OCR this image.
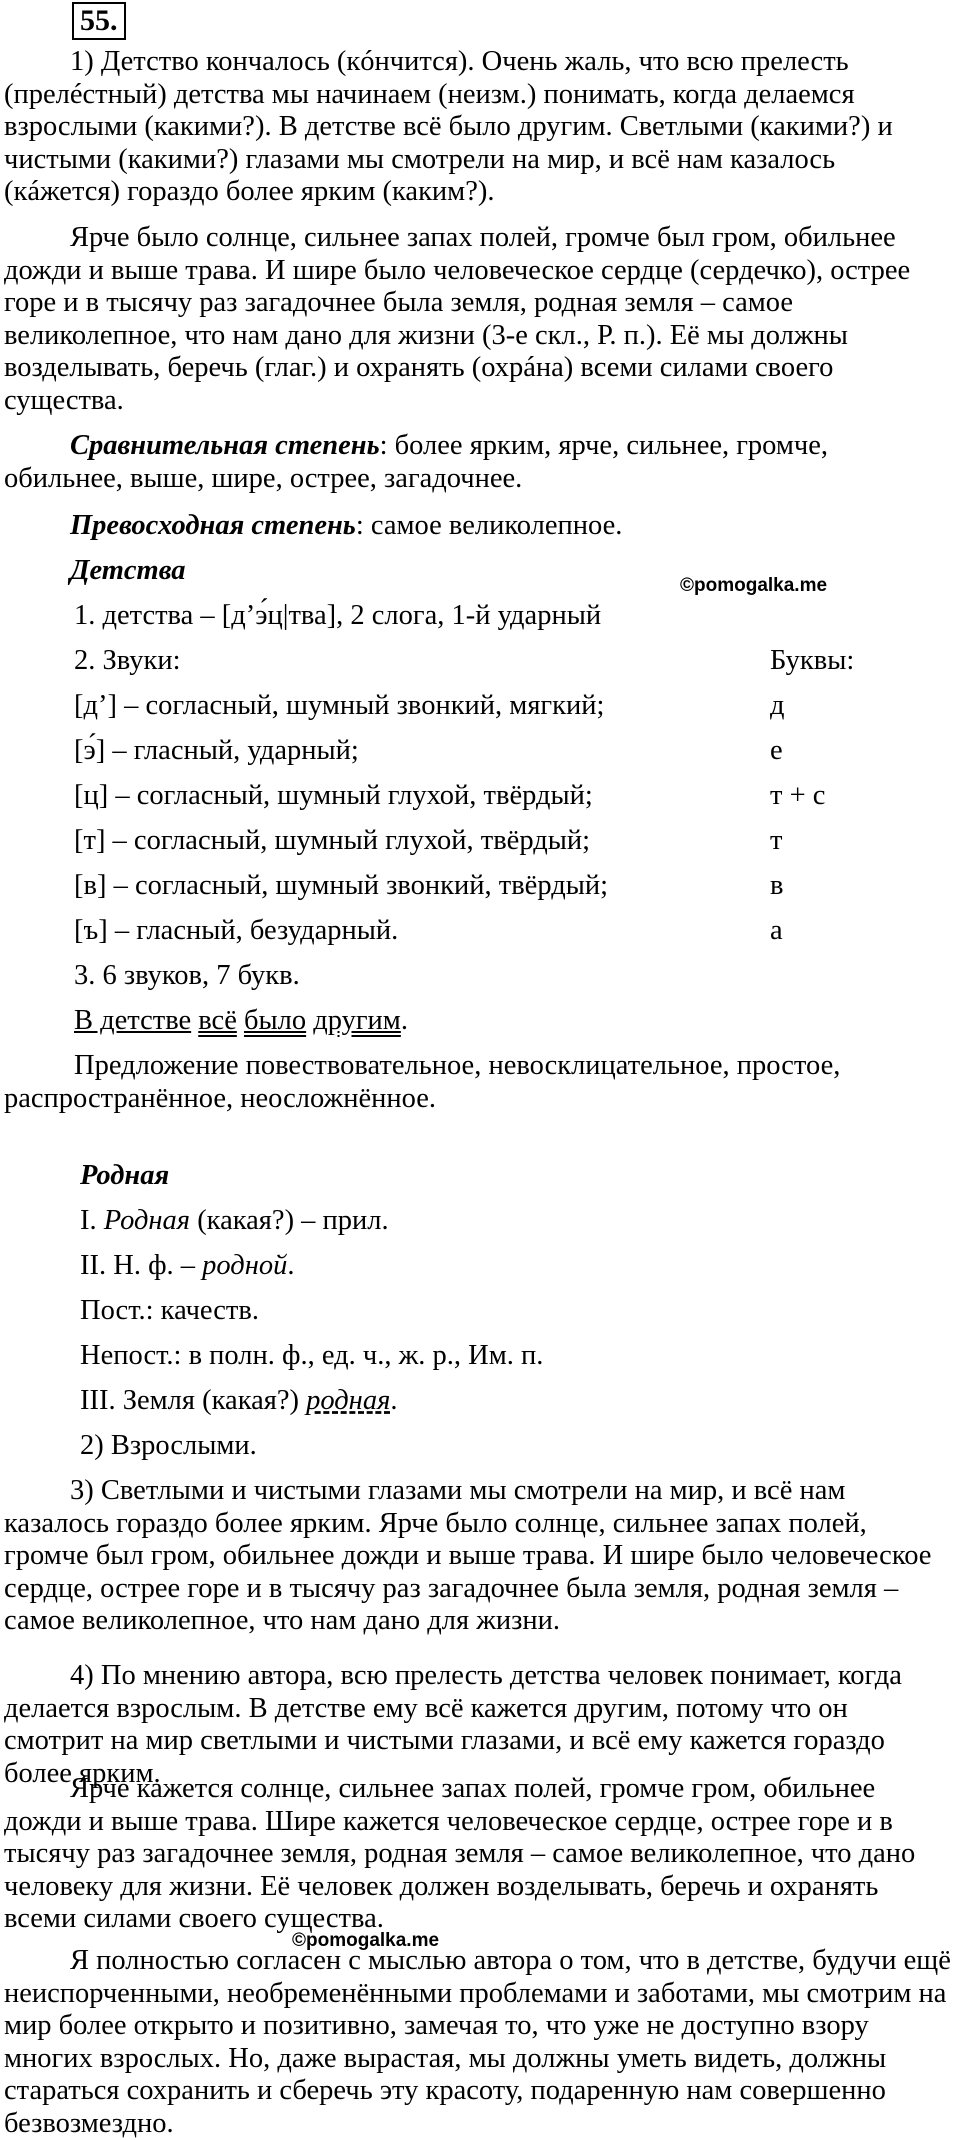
55.

1) Детство кончалось (кóнчится). Очень жаль, что всю прелесть (прелéстный) детства мы начинаем (неизм.) понимать, когда делаемся взрослыми (какими?). В детстве всё было другим. Светлыми (какими?) и чистыми (какими?) глазами мы смотрели на мир, и всё нам казалось (кáжется) гораздо более ярким (каким?).

Ярче было солнце, сильнее запах полей, громче был гром, обильнее дожди и выше трава. И шире было человеческое сердце (сердечко), острее горе и в тысячу раз загадочнее была земля, родная земля – самое великолепное, что нам дано для жизни (3-е скл., Р. п.). Её мы должны возделывать, беречь (глаг.) и охранять (охрáна) всеми силами своего существа.

Сравнительная степень: более ярким, ярче, сильнее, громче, обильнее, выше, шире, острее, загадочнее.

Превосходная степень: самое великолепное.

Детства	©pomogalka.me

1. детства – [д’э́ц|тва], 2 слога, 1-й ударный

2. Звуки:	Буквы:

[д’] – согласный, шумный звонкий, мягкий;	д

[э́] – гласный, ударный;	е

[ц] – согласный, шумный глухой, твёрдый;	т + с

[т] – согласный, шумный глухой, твёрдый;	т

[в] – согласный, шумный звонкий, твёрдый;	в

[ъ] – гласный, безударный.	а

3. 6 звуков, 7 букв.

В детстве всё было другим.

Предложение повествовательное, невосклицательное, простое, распространённое, неосложнённое.

Родная

I. Родная (какая?) – прил.

II. Н. ф. – родной.

Пост.: качеств.

Непост.: в полн. ф., ед. ч., ж. р., Им. п.

III. Земля (какая?) родная.

2) Взрослыми.

3) Светлыми и чистыми глазами мы смотрели на мир, и всё нам казалось гораздо более ярким. Ярче было солнце, сильнее запах полей, громче был гром, обильнее дожди и выше трава. И шире было человеческое сердце, острее горе и в тысячу раз загадочнее была земля, родная земля – самое великолепное, что нам дано для жизни.

4) По мнению автора, всю прелесть детства человек понимает, когда делается взрослым. В детстве ему всё кажется другим, потому что он смотрит на мир светлыми и чистыми глазами, и всё ему кажется гораздо более ярким.

Ярче кажется солнце, сильнее запах полей, громче гром, обильнее дожди и выше трава. Шире кажется человеческое сердце, острее горе и в тысячу раз загадочнее земля, родная земля – самое великолепное, что дано человеку для жизни. Её человек должен возделывать, беречь и охранять всеми силами своего существа.

©pomogalka.me

Я полностью согласен с мыслью автора о том, что в детстве, будучи ещё неиспорченными, необременёнными проблемами и заботами, мы смотрим на мир более открыто и позитивно, замечая то, что уже не доступно взору многих взрослых. Но, даже вырастая, мы должны уметь видеть, должны стараться сохранить и сберечь эту красоту, подаренную нам совершенно безвозмездно.
